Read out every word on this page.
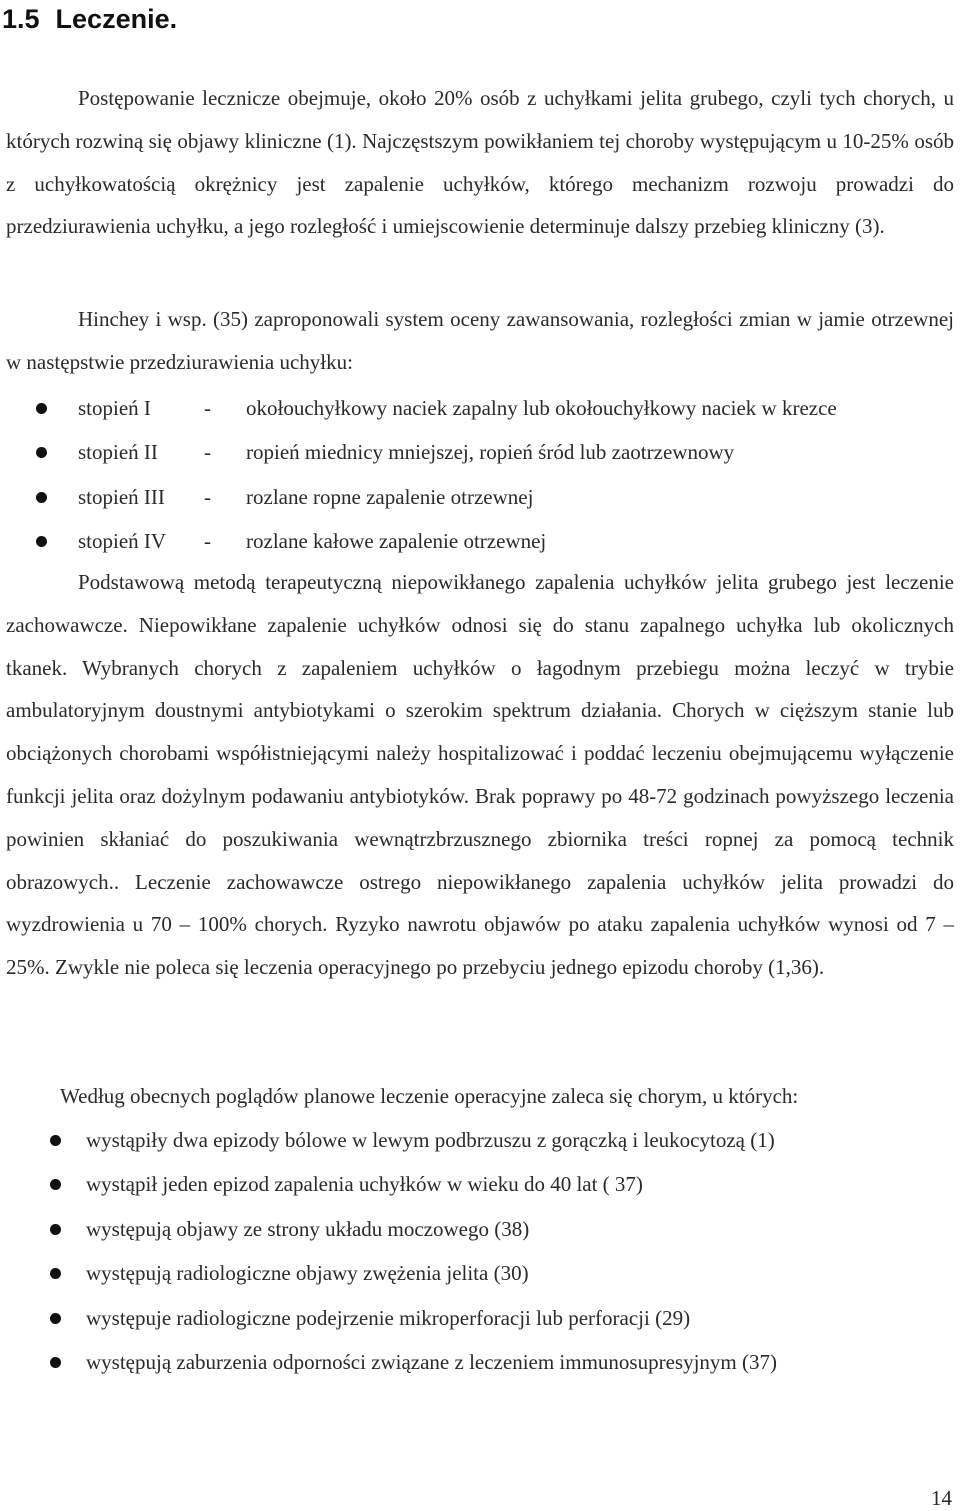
1.5 Leczenie.
Postępowanie lecznicze obejmuje, około 20% osób z uchyłkami jelita grubego, czyli tych chorych, u których rozwiną się objawy kliniczne (1). Najczęstszym powikłaniem tej choroby występującym u 10-25% osób z uchyłkowatością okrężnicy jest zapalenie uchyłków, którego mechanizm rozwoju prowadzi do przedziurawienia uchyłku, a jego rozległość i umiejscowienie determinuje dalszy przebieg kliniczny (3).
Hinchey i wsp. (35) zaproponowali system oceny zawansowania, rozległości zmian w jamie otrzewnej w następstwie przedziurawienia uchyłku:
stopień I	- okołouchyłkowy naciek zapalny lub okołouchyłkowy naciek w krezce
stopień II - ropień miednicy mniejszej, ropień śród lub zaotrzewnowy
stopień III - rozlane ropne zapalenie otrzewnej
stopień IV - rozlane kałowe zapalenie otrzewnej
Podstawową metodą terapeutyczną niepowikłanego zapalenia uchyłków jelita grubego jest leczenie zachowawcze. Niepowikłane zapalenie uchyłków odnosi się do stanu zapalnego uchyłka lub okolicznych tkanek. Wybranych chorych z zapaleniem uchyłków o łagodnym przebiegu można leczyć w trybie ambulatoryjnym doustnymi antybiotykami o szerokim spektrum działania. Chorych w cięższym stanie lub obciążonych chorobami współistniejącymi należy hospitalizować i poddać leczeniu obejmującemu wyłączenie funkcji jelita oraz dożylnym podawaniu antybiotyków. Brak poprawy po 48-72 godzinach powyższego leczenia powinien skłaniać do poszukiwania wewnątrzbrzusznego zbiornika treści ropnej za pomocą technik obrazowych.. Leczenie zachowawcze ostrego niepowikłanego zapalenia uchyłków jelita prowadzi do wyzdrowienia u 70 – 100% chorych. Ryzyko nawrotu objawów po ataku zapalenia uchyłków wynosi od 7 – 25%. Zwykle nie poleca się leczenia operacyjnego po przebyciu jednego epizodu choroby (1,36).
Według obecnych poglądów planowe leczenie operacyjne zaleca się chorym, u których:
wystąpiły dwa epizody bólowe w lewym podbrzuszu z gorączką i leukocytozą (1)
wystąpił jeden epizod zapalenia uchyłków w wieku do 40 lat ( 37)
występują objawy ze strony układu moczowego (38)
występują radiologiczne objawy zwężenia jelita (30)
występuje radiologiczne podejrzenie mikroperforacji lub perforacji (29)
występują zaburzenia odporności związane z leczeniem immunosupresyjnym (37)
14
